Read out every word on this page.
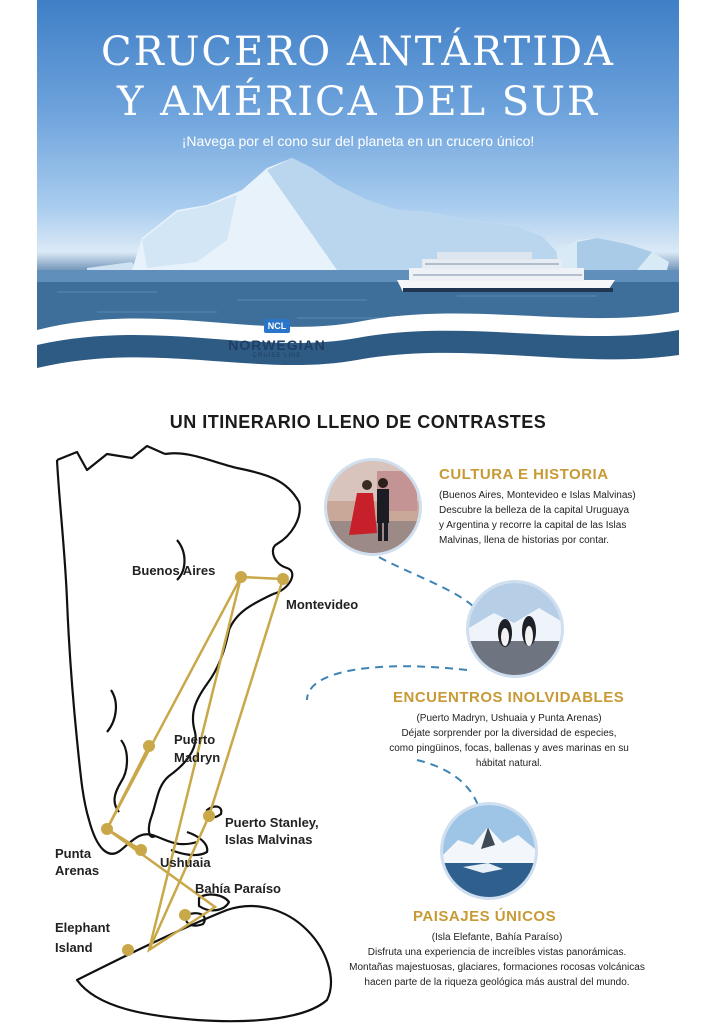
CRUCERO ANTÁRTIDA
Y AMÉRICA DEL SUR
¡Navega por el cono sur del planeta en un crucero único!
NCL
NORWEGIAN
CRUISE LINE
UN ITINERARIO LLENO DE CONTRASTES
Buenos Aires
Montevideo
Puerto
Madryn
Puerto Stanley,
Islas Malvinas
Punta
Arenas
Ushuaia
Bahía Paraíso
Elephant
Island
CULTURA E HISTORIA
(Buenos Aires, Montevideo e Islas Malvinas)
Descubre la belleza de la capital Uruguaya
y Argentina y recorre la capital de las Islas
Malvinas, llena de historias por contar.
ENCUENTROS INOLVIDABLES
(Puerto Madryn, Ushuaia y Punta Arenas)
Déjate sorprender por la diversidad de especies,
como pingüinos, focas, ballenas y aves marinas en su
hábitat natural.
PAISAJES ÚNICOS
(Isla Elefante, Bahía Paraíso)
Disfruta una experiencia de increíbles vistas panorámicas.
Montañas majestuosas, glaciares, formaciones rocosas volcánicas
hacen parte de la riqueza geológica más austral del mundo.
